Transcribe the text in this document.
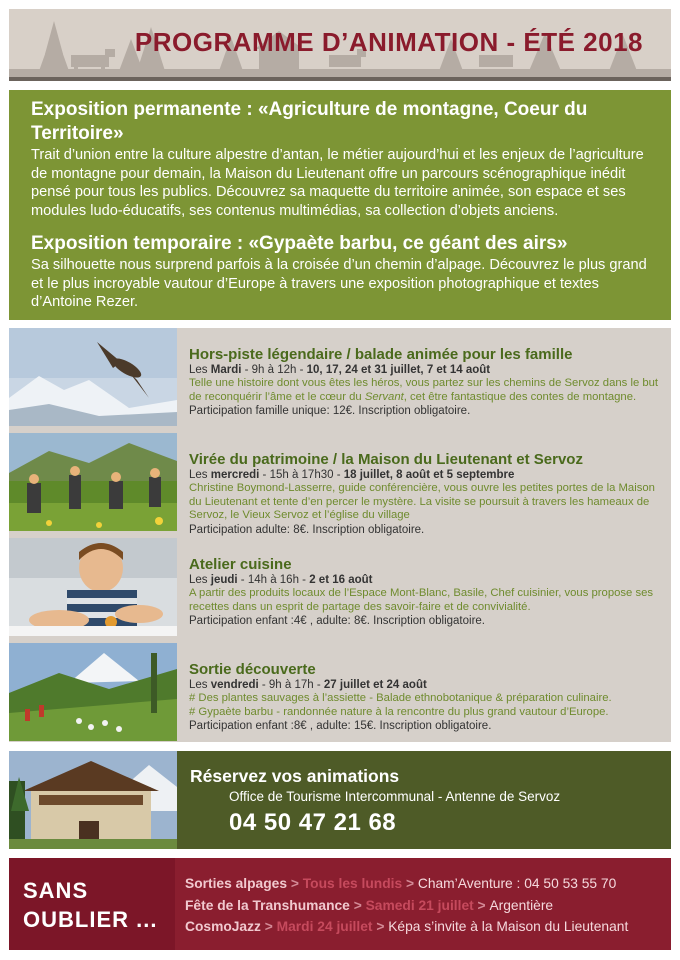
PROGRAMME D’ANIMATION - ÉTÉ 2018
Exposition permanente : «Agriculture de montagne, Coeur du Territoire»
Trait d’union entre la culture alpestre d’antan, le métier aujourd’hui et les enjeux de l’agriculture de montagne pour demain, la Maison du Lieutenant offre un parcours scénographique inédit pensé pour tous les publics. Découvrez sa maquette du territoire animée, son espace et ses modules ludo-éducatifs, ses contenus multimédias, sa collection d’objets anciens.
Exposition temporaire : «Gypaète barbu, ce géant des airs»
Sa silhouette nous surprend parfois à la croisée d’un chemin d’alpage. Découvrez le plus grand et le plus incroyable vautour d’Europe à travers une exposition photographique et textes d’Antoine Rezer.
Hors-piste légendaire / balade animée pour les famille
Les Mardi - 9h à 12h - 10, 17, 24 et 31 juillet, 7 et 14 août
Telle une histoire dont vous êtes les héros, vous partez sur les chemins de Servoz dans le but de reconquérir l’âme et le cœur du Servant, cet être fantastique des contes de montagne.
Participation famille unique: 12€. Inscription obligatoire.
Virée du patrimoine / la Maison du Lieutenant et Servoz
Les mercredi - 15h à 17h30 - 18 juillet, 8 août et 5 septembre
Christine Boymond-Lasserre, guide conférencière, vous ouvre les petites portes de la Maison du Lieutenant et tente d’en percer le mystère. La visite se poursuit à travers les hameaux de Servoz, le Vieux Servoz et l’église du village
Participation adulte: 8€. Inscription obligatoire.
Atelier cuisine
Les jeudi - 14h à 16h - 2 et 16 août
A partir des produits locaux de l’Espace Mont-Blanc, Basile, Chef cuisinier, vous propose ses recettes dans un esprit de partage des savoir-faire et de convivialité.
Participation enfant :4€ , adulte: 8€. Inscription obligatoire.
Sortie découverte
Les vendredi - 9h à 17h - 27 juillet et 24 août
# Des plantes sauvages à l’assiette - Balade ethnobotanique & préparation culinaire.
# Gypaète barbu - randonnée nature à la rencontre du plus grand vautour d’Europe.
Participation enfant :8€ , adulte: 15€. Inscription obligatoire.
Réservez vos animations
Office de Tourisme Intercommunal - Antenne de Servoz
04 50 47 21 68
SANS
OUBLIER ...
Sorties alpages > Tous les lundis > Cham’Aventure : 04 50 53 55 70
Fête de la Transhumance > Samedi 21 juillet > Argentière
CosmoJazz > Mardi 24 juillet > Képa s’invite à la Maison du Lieutenant
